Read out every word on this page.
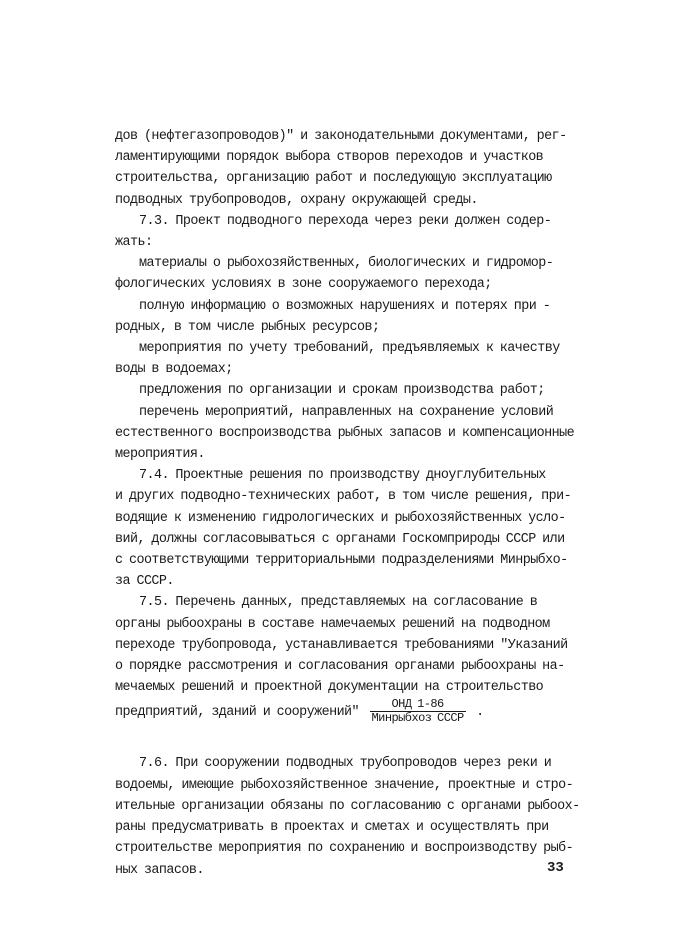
дов (нефтегазопроводов)" и законодательными документами, рег-
ламентирующими порядок выбора створов переходов и участков
строительства, организацию работ и последующую эксплуатацию
подводных трубопроводов, охрану окружающей среды.
7.3. Проект подводного перехода через реки должен содер-
жать:
материалы о рыбохозяйственных, биологических и гидромор-
фологических условиях в зоне сооружаемого перехода;
полную информацию о возможных нарушениях и потерях при -
родных, в том числе рыбных ресурсов;
мероприятия по учету требований, предъявляемых к качеству
воды в водоемах;
предложения по организации и срокам производства работ;
перечень мероприятий, направленных на сохранение условий
естественного воспроизводства рыбных запасов и компенсационные
мероприятия.
7.4. Проектные решения по производству дноуглубительных
и других подводно-технических работ, в том числе решения, при-
водящие к изменению гидрологических и рыбохозяйственных усло-
вий, должны согласовываться с органами Госкомприроды СССР или
с соответствующими территориальными подразделениями Минрыбхо-
за СССР.
7.5. Перечень данных, представляемых на согласование в
органы рыбоохраны в составе намечаемых решений на подводном
переходе трубопровода, устанавливается требованиями "Указаний
о порядке рассмотрения и согласования органами рыбоохраны на-
мечаемых решений и проектной документации на строительство
предприятий, зданий и сооружений" $\frac{\text{ОНД 1-86}}{\text{Минрыбхоз СССР}}$ .
7.6. При сооружении подводных трубопроводов через реки и
водоемы, имеющие рыбохозяйственное значение, проектные и стро-
ительные организации обязаны по согласованию с органами рыбоох-
раны предусматривать в проектах и сметах и осуществлять при
строительстве мероприятия по сохранению и воспроизводству рыб-
ных запасов.	33
